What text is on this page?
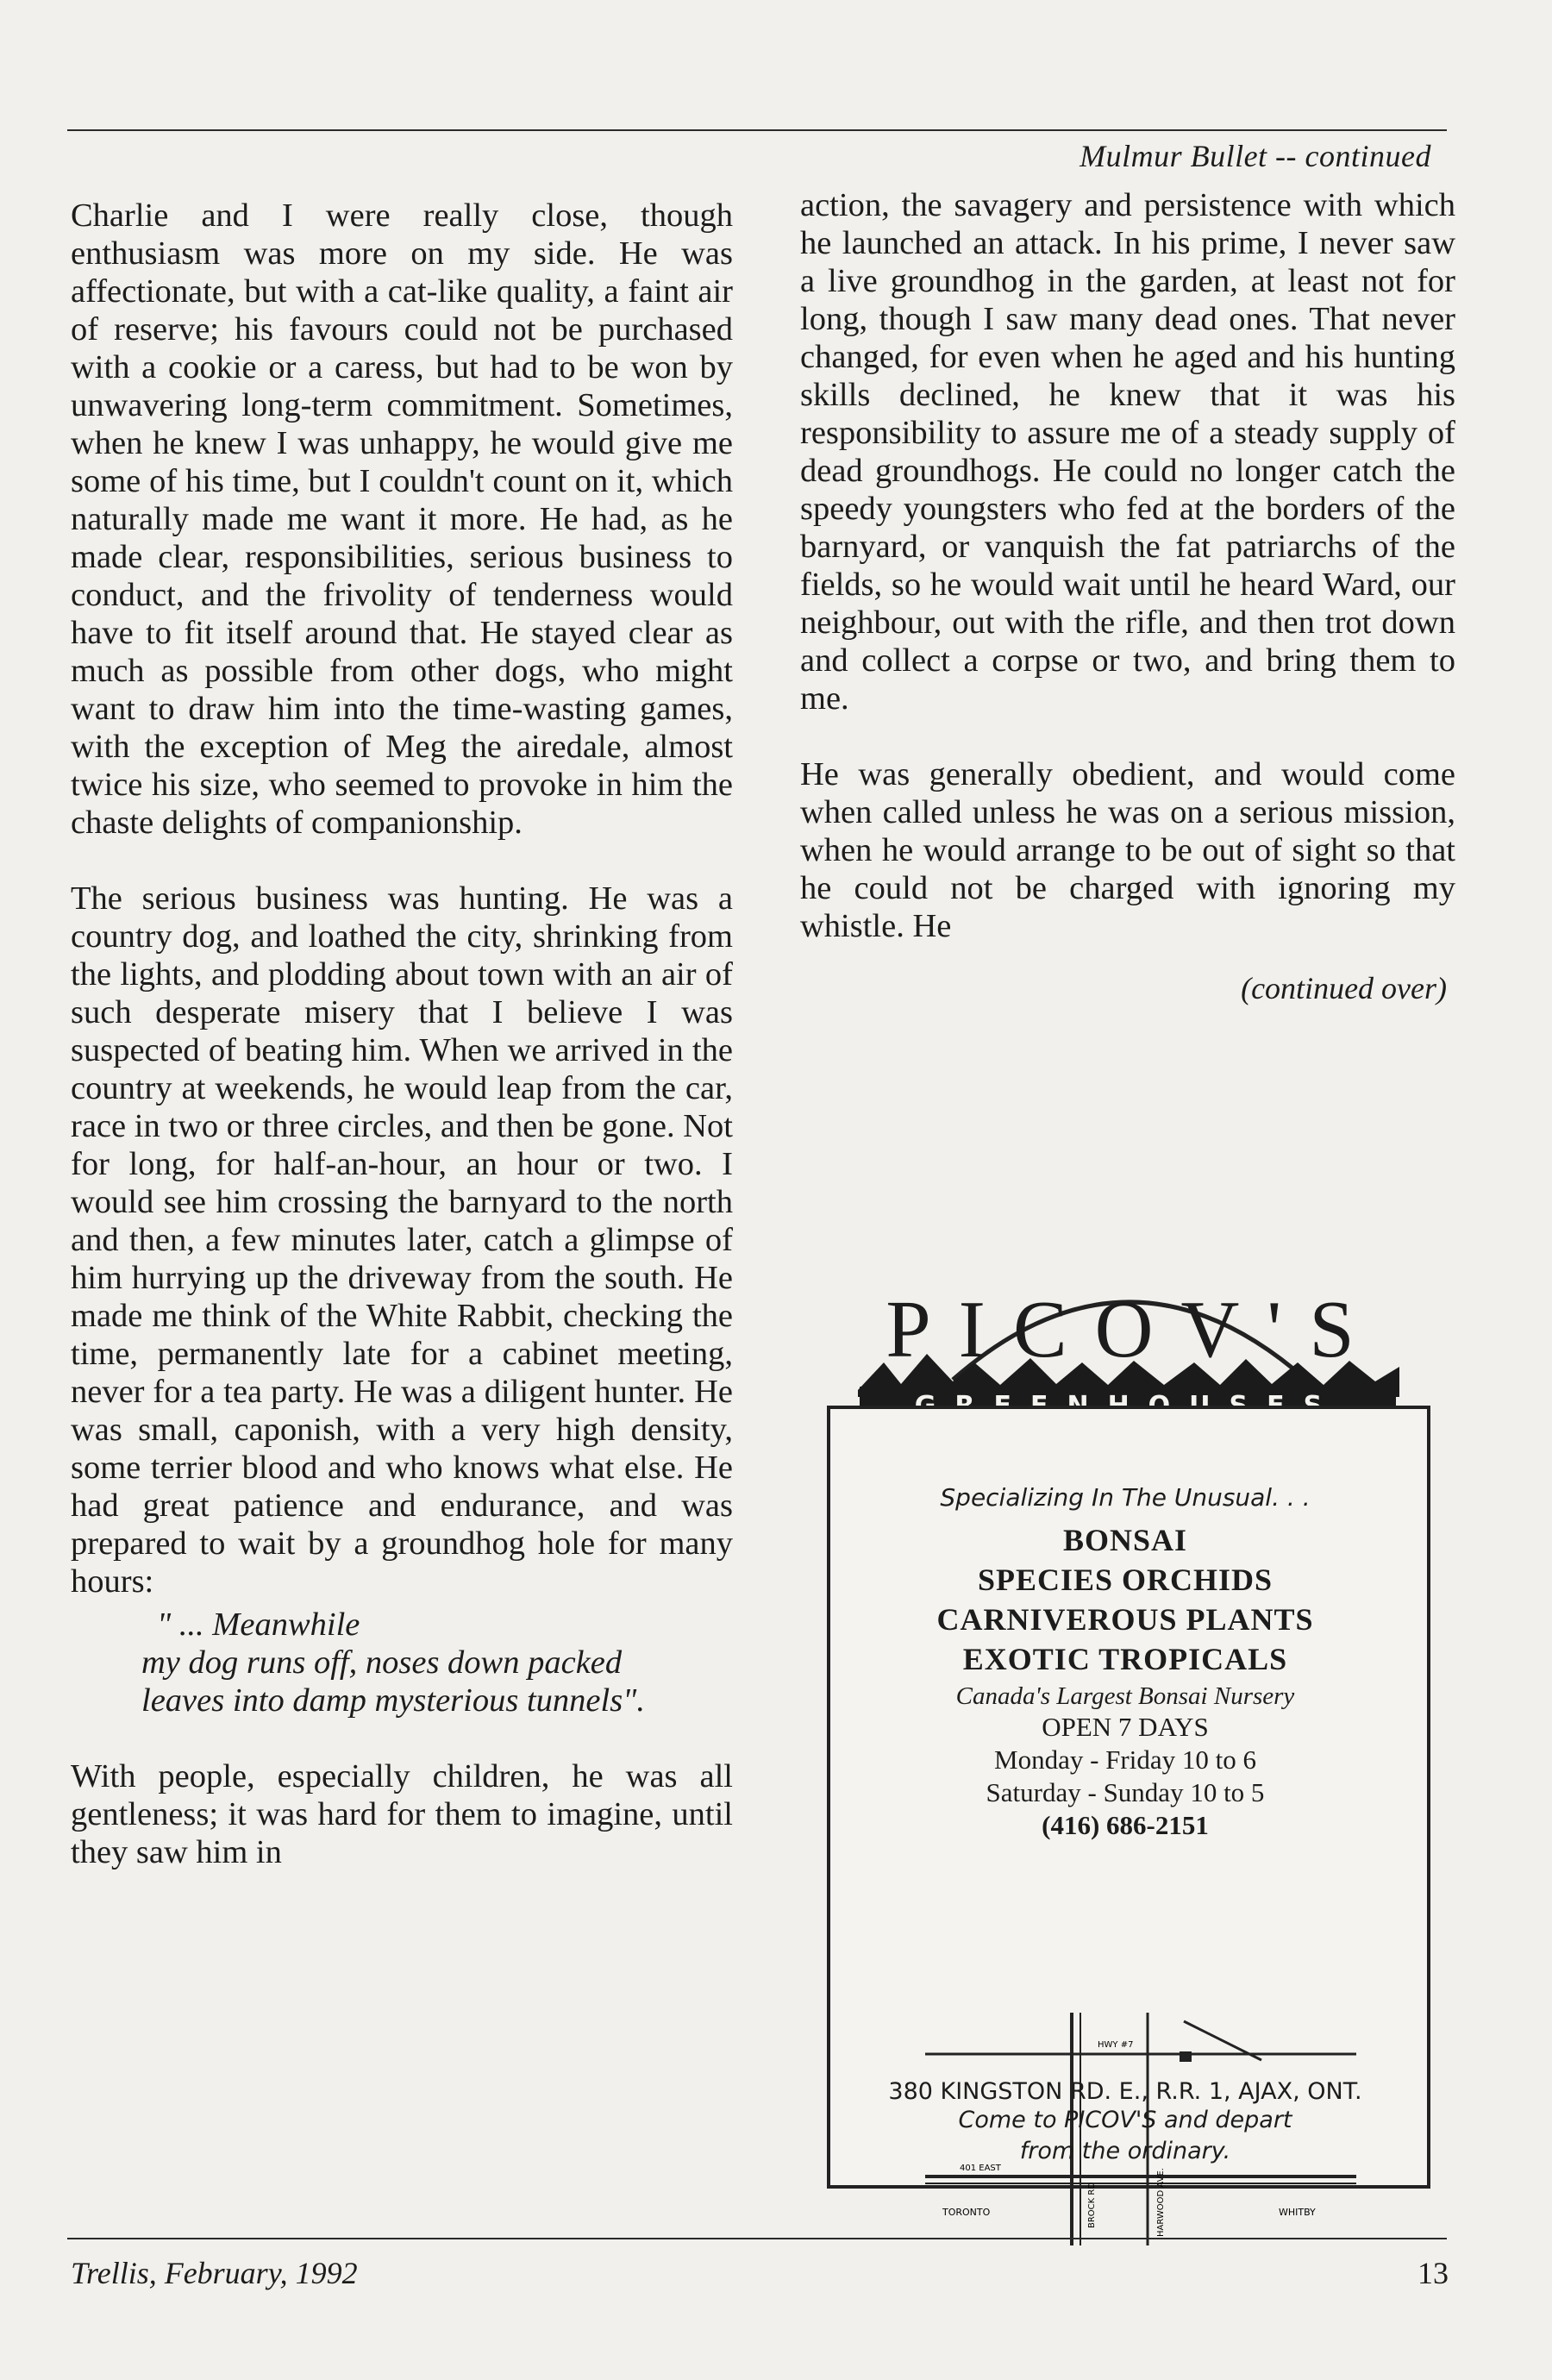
Mulmur Bullet -- continued

Charlie and I were really close, though enthusiasm was more on my side. He was affectionate, but with a cat-like quality, a faint air of reserve; his favours could not be purchased with a cookie or a caress, but had to be won by unwavering long-term commitment. Sometimes, when he knew I was unhappy, he would give me some of his time, but I couldn't count on it, which naturally made me want it more. He had, as he made clear, responsibilities, serious business to conduct, and the frivolity of tenderness would have to fit itself around that. He stayed clear as much as possible from other dogs, who might want to draw him into the time-wasting games, with the exception of Meg the airedale, almost twice his size, who seemed to provoke in him the chaste delights of companionship.

The serious business was hunting. He was a country dog, and loathed the city, shrinking from the lights, and plodding about town with an air of such desperate misery that I believe I was suspected of beating him. When we arrived in the country at weekends, he would leap from the car, race in two or three circles, and then be gone. Not for long, for half-an-hour, an hour or two. I would see him crossing the barnyard to the north and then, a few minutes later, catch a glimpse of him hurrying up the driveway from the south. He made me think of the White Rabbit, checking the time, permanently late for a cabinet meeting, never for a tea party. He was a diligent hunter. He was small, caponish, with a very high density, some terrier blood and who knows what else. He had great patience and endurance, and was prepared to wait by a groundhog hole for many hours:

" ... Meanwhile
my dog runs off, noses down packed
leaves into damp mysterious tunnels".

With people, especially children, he was all gentleness; it was hard for them to imagine, until they saw him in

action, the savagery and persistence with which he launched an attack. In his prime, I never saw a live groundhog in the garden, at least not for long, though I saw many dead ones. That never changed, for even when he aged and his hunting skills declined, he knew that it was his responsibility to assure me of a steady supply of dead groundhogs. He could no longer catch the speedy youngsters who fed at the borders of the barnyard, or vanquish the fat patriarchs of the fields, so he would wait until he heard Ward, our neighbour, out with the rifle, and then trot down and collect a corpse or two, and bring them to me.

He was generally obedient, and would come when called unless he was on a serious mission, when he would arrange to be out of sight so that he could not be charged with ignoring my whistle. He

(continued over)
PICOV'S
HWY #7
401 EAST
TORONTO	WHITBY
BROCK RD	HARWOOD AVE.
Specializing In The Unusual. . .
BONSAI
SPECIES ORCHIDS
CARNIVEROUS PLANTS
EXOTIC TROPICALS
Canada's Largest Bonsai Nursery
OPEN 7 DAYS
Monday - Friday 10 to 6
Saturday - Sunday 10 to 5
(416) 686-2151
380 KINGSTON RD. E., R.R. 1, AJAX, ONT.
Come to PICOV'S and depart
from the ordinary.
Trellis, February, 1992	13
